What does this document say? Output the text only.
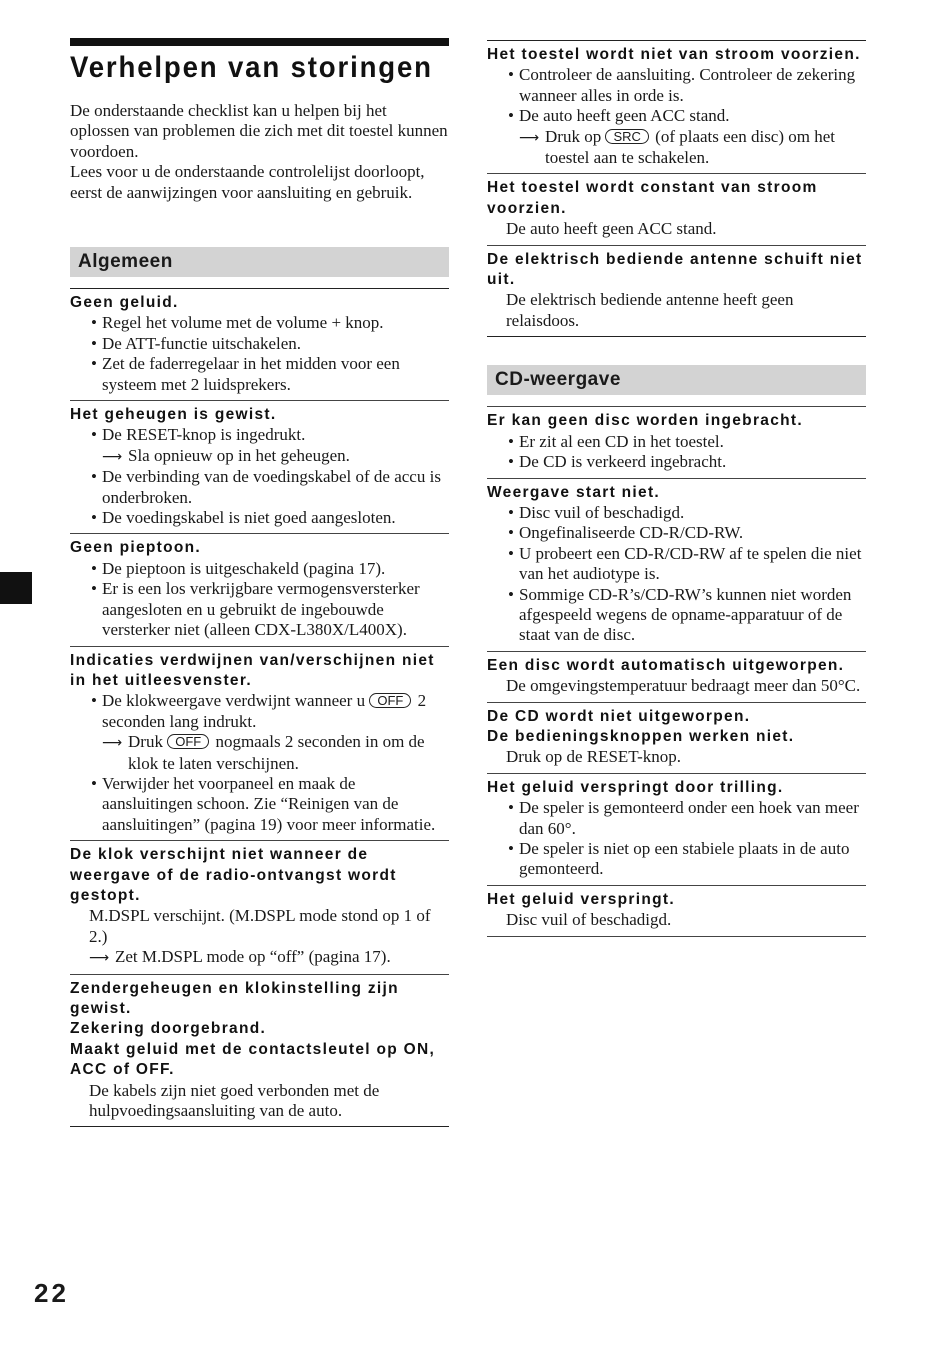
Verhelpen van storingen

De onderstaande checklist kan u helpen bij het oplossen van problemen die zich met dit toestel kunnen voordoen.

Lees voor u de onderstaande controlelijst doorloopt, eerst de aanwijzingen voor aansluiting en gebruik.

Algemeen
Geen geluid.
• Regel het volume met de volume + knop.
• De ATT-functie uitschakelen.
• Zet de faderregelaar in het midden voor een systeem met 2 luidsprekers.
Het geheugen is gewist.
• De RESET-knop is ingedrukt.
⟶Sla opnieuw op in het geheugen.
• De verbinding van de voedingskabel of de accu is onderbroken.
• De voedingskabel is niet goed aangesloten.
Geen pieptoon.
• De pieptoon is uitgeschakeld (pagina 17).
• Er is een los verkrijgbare vermogensversterker aangesloten en u gebruikt de ingebouwde versterker niet (alleen CDX-L380X/L400X).
Indicaties verdwijnen van/verschijnen niet in het uitleesvenster.
• De klokweergave verdwijnt wanneer u OFF 2 seconden lang indrukt.
⟶Druk OFF nogmaals 2 seconden in om de klok te laten verschijnen.
• Verwijder het voorpaneel en maak de aansluitingen schoon. Zie “Reinigen van de aansluitingen” (pagina 19) voor meer informatie.
De klok verschijnt niet wanneer de weergave of de radio-ontvangst wordt gestopt.
M.DSPL verschijnt. (M.DSPL mode stond op 1 of 2.)
⟶Zet M.DSPL mode op “off” (pagina 17).
Zendergeheugen en klokinstelling zijn gewist.
Zekering doorgebrand.
Maakt geluid met de contactsleutel op ON, ACC of OFF.
De kabels zijn niet goed verbonden met de hulpvoedingsaansluiting van de auto.
Het toestel wordt niet van stroom voorzien.
• Controleer de aansluiting. Controleer de zekering wanneer alles in orde is.
• De auto heeft geen ACC stand.
⟶Druk op SRC (of plaats een disc) om het toestel aan te schakelen.
Het toestel wordt constant van stroom voorzien.
De auto heeft geen ACC stand.
De elektrisch bediende antenne schuift niet uit.
De elektrisch bediende antenne heeft geen relaisdoos.
CD-weergave
Er kan geen disc worden ingebracht.
• Er zit al een CD in het toestel.
• De CD is verkeerd ingebracht.
Weergave start niet.
• Disc vuil of beschadigd.
• Ongefinaliseerde CD-R/CD-RW.
• U probeert een CD-R/CD-RW af te spelen die niet van het audiotype is.
• Sommige CD-R’s/CD-RW’s kunnen niet worden afgespeeld wegens de opname-apparatuur of de staat van de disc.
Een disc wordt automatisch uitgeworpen.
De omgevingstemperatuur bedraagt meer dan 50°C.
De CD wordt niet uitgeworpen.
De bedieningsknoppen werken niet.
Druk op de RESET-knop.
Het geluid verspringt door trilling.
• De speler is gemonteerd onder een hoek van meer dan 60°.
• De speler is niet op een stabiele plaats in de auto gemonteerd.
Het geluid verspringt.
Disc vuil of beschadigd.
22
